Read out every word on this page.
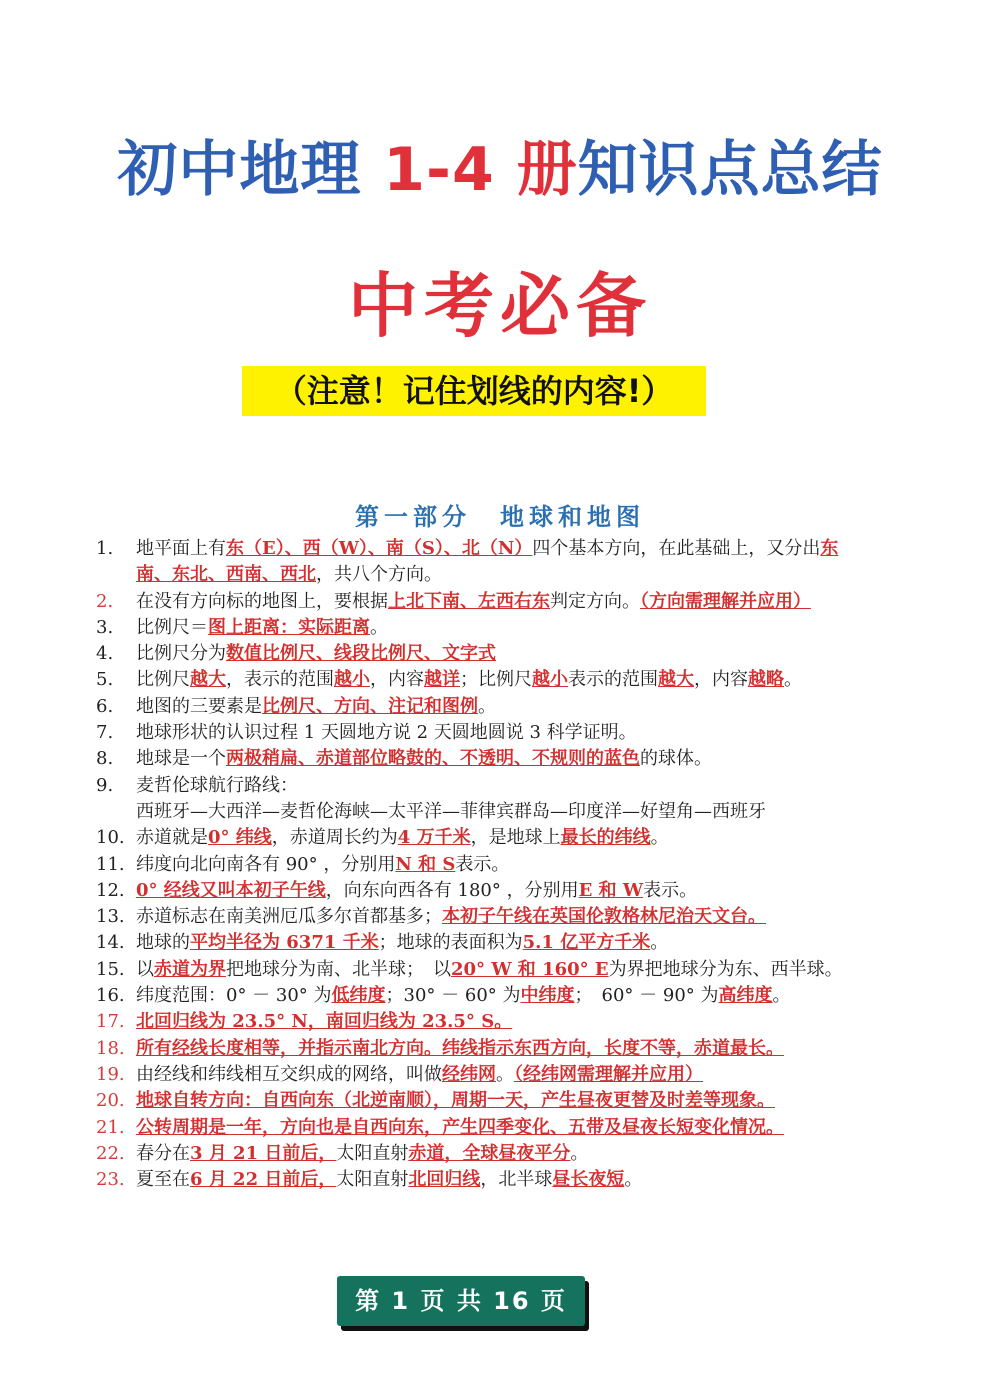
初中地理 1-4 册知识点总结
中考必备
（注意！记住划线的内容!）
第一部分　地球和地图
1. 地平面上有东（E）、西（W）、南（S）、北（N）四个基本方向，在此基础上，又分出东南、东北、西南、西北，共八个方向。
2. 在没有方向标的地图上，要根据上北下南、左西右东判定方向。（方向需理解并应用）
3. 比例尺＝图上距离：实际距离。
4. 比例尺分为数值比例尺、线段比例尺、文字式
5. 比例尺越大，表示的范围越小，内容越详；比例尺越小表示的范围越大，内容越略。
6. 地图的三要素是比例尺、方向、注记和图例。
7. 地球形状的认识过程 1 天圆地方说 2 天圆地圆说 3 科学证明。
8. 地球是一个两极稍扁、赤道部位略鼓的、不透明、不规则的蓝色的球体。
9. 麦哲伦球航行路线：
西班牙—大西洋—麦哲伦海峡—太平洋—菲律宾群岛—印度洋—好望角—西班牙
10. 赤道就是0° 纬线，赤道周长约为4 万千米，是地球上最长的纬线。
11. 纬度向北向南各有 90° ，分别用N 和 S表示。
12. 0° 经线又叫本初子午线，向东向西各有 180° ，分别用E 和 W表示。
13. 赤道标志在南美洲厄瓜多尔首都基多；本初子午线在英国伦敦格林尼治天文台。
14. 地球的平均半径为 6371 千米；地球的表面积为5.1 亿平方千米。
15. 以赤道为界把地球分为南、北半球；　以20° W 和 160° E为界把地球分为东、西半球。
16. 纬度范围：0° － 30° 为低纬度；30° － 60° 为中纬度；　60° － 90° 为高纬度。
17. 北回归线为 23.5° N，南回归线为 23.5° S。
18. 所有经线长度相等，并指示南北方向。纬线指示东西方向，长度不等，赤道最长。
19. 由经线和纬线相互交织成的网络，叫做经纬网。（经纬网需理解并应用）
20. 地球自转方向：自西向东（北逆南顺），周期一天，产生昼夜更替及时差等现象。
21. 公转周期是一年，方向也是自西向东，产生四季变化、五带及昼夜长短变化情况。
22. 春分在3 月 21 日前后，太阳直射赤道，全球昼夜平分。
23. 夏至在6 月 22 日前后，太阳直射北回归线，北半球昼长夜短。
第 1 页 共 16 页
